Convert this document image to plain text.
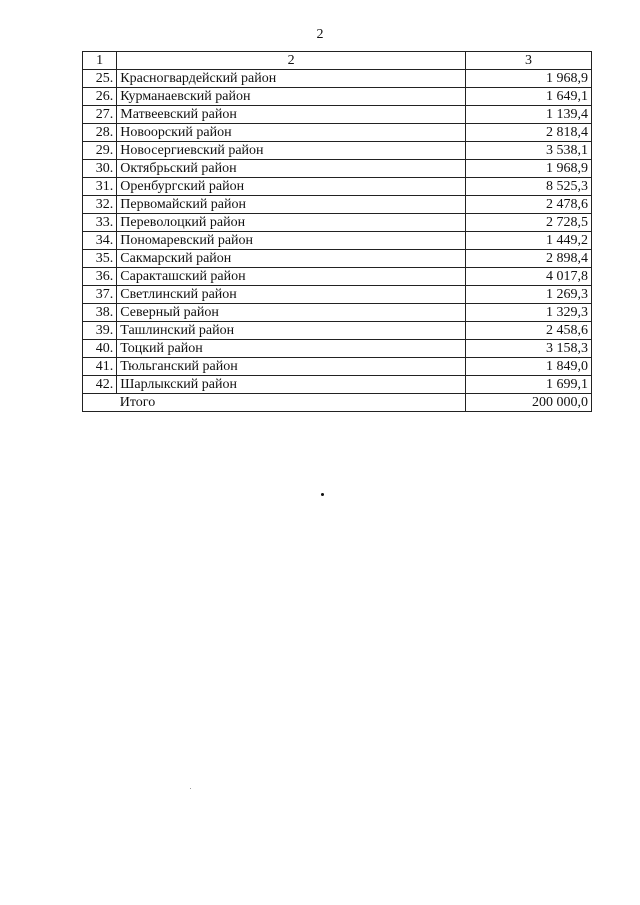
2
1	2	3
25.	Красногвардейский район	1 968,9
26.	Курманаевский район	1 649,1
27.	Матвеевский район	1 139,4
28.	Новоорский район	2 818,4
29.	Новосергиевский район	3 538,1
30.	Октябрьский район	1 968,9
31.	Оренбургский район	8 525,3
32.	Первомайский район	2 478,6
33.	Переволоцкий район	2 728,5
34.	Пономаревский район	1 449,2
35.	Сакмарский район	2 898,4
36.	Саракташский район	4 017,8
37.	Светлинский район	1 269,3
38.	Северный район	1 329,3
39.	Ташлинский район	2 458,6
40.	Тоцкий район	3 158,3
41.	Тюльганский район	1 849,0
42.	Шарлыкский район	1 699,1
	Итого	200 000,0
